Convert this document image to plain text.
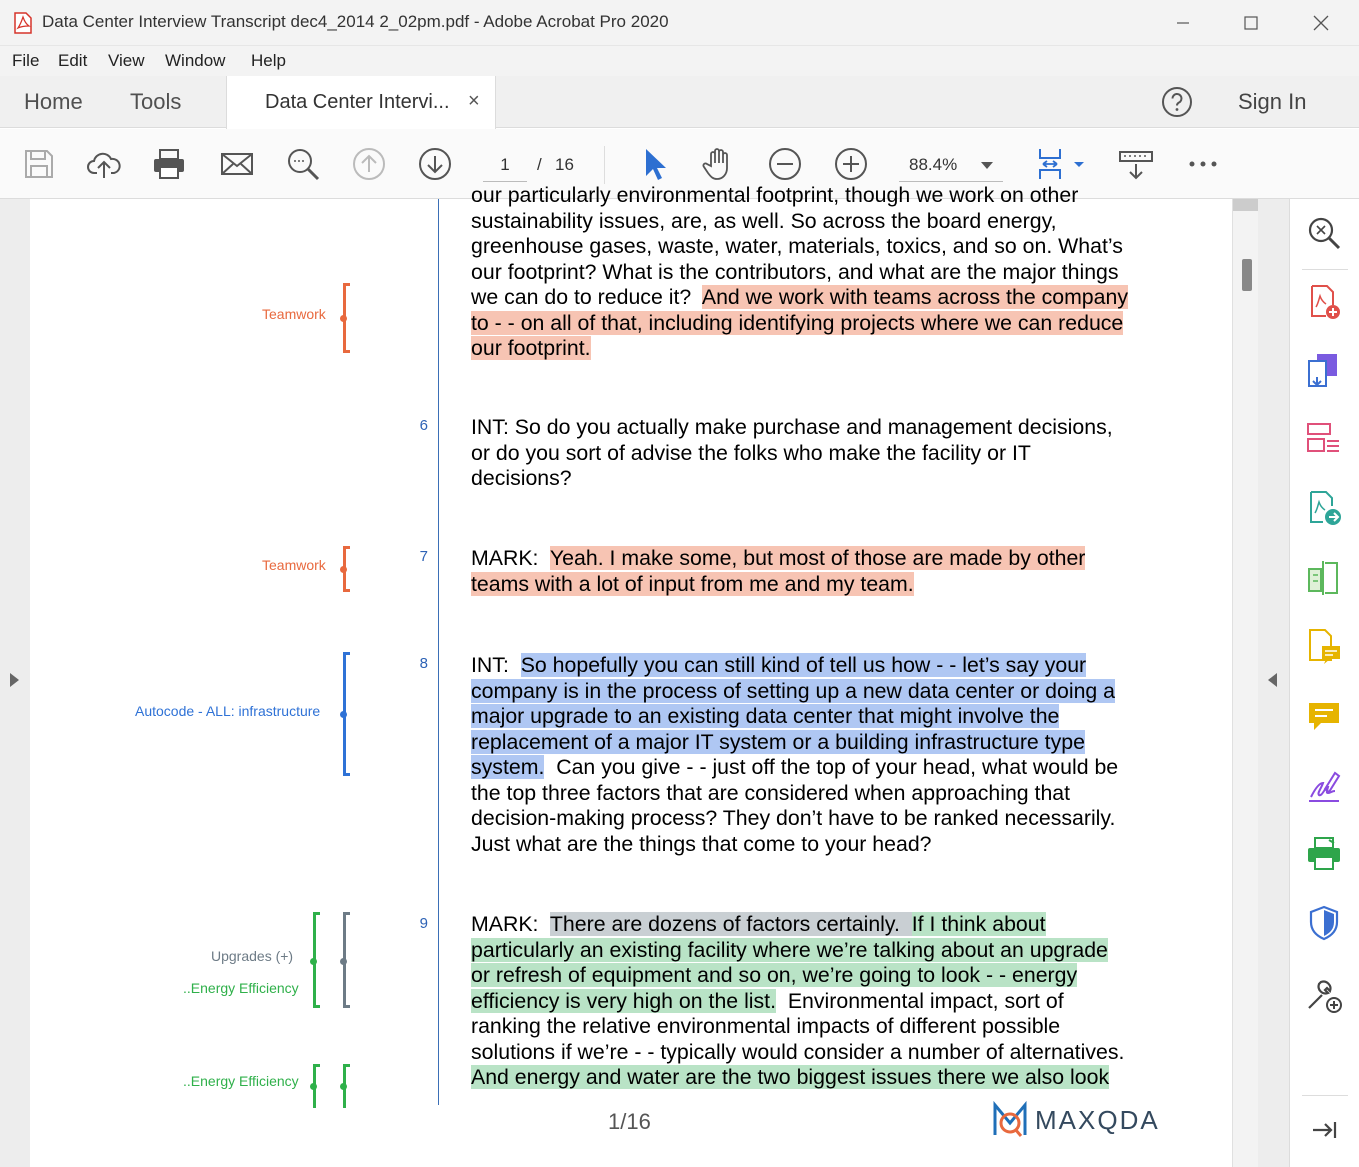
Data Center Interview Transcript dec4_2014 2_02pm.pdf - Adobe Acrobat Pro 2020
File Edit View Window Help
Home Tools	Data Center Intervi... ×	Sign In
1	/ 16	88.4%
Teamwork
Teamwork
Autocode - ALL: infrastructure
Upgrades (+)
..Energy Efficiency
..Energy Efficiency
6
7
8
9
our particularly environmental footprint, though we work on other
sustainability issues, are, as well. So across the board energy,
greenhouse gases, waste, water, materials, toxics, and so on. What’s
our footprint? What is the contributors, and what are the major things
we can do to reduce it?  And we work with teams across the company
to - - on all of that, including identifying projects where we can reduce
our footprint.
INT: So do you actually make purchase and management decisions,
or do you sort of advise the folks who make the facility or IT
decisions?
MARK:  Yeah. I make some, but most of those are made by other
teams with a lot of input from me and my team.
INT:  So hopefully you can still kind of tell us how - - let’s say your
company is in the process of setting up a new data center or doing a
major upgrade to an existing data center that might involve the
replacement of a major IT system or a building infrastructure type
system.  Can you give - - just off the top of your head, what would be
the top three factors that are considered when approaching that
decision-making process? They don’t have to be ranked necessarily.
Just what are the things that come to your head?
MARK:  There are dozens of factors certainly.  If I think about
particularly an existing facility where we’re talking about an upgrade
or refresh of equipment and so on, we’re going to look - - energy
efficiency is very high on the list.  Environmental impact, sort of
ranking the relative environmental impacts of different possible
solutions if we’re - - typically would consider a number of alternatives.
And energy and water are the two biggest issues there we also look
1/16	MAXQDA
